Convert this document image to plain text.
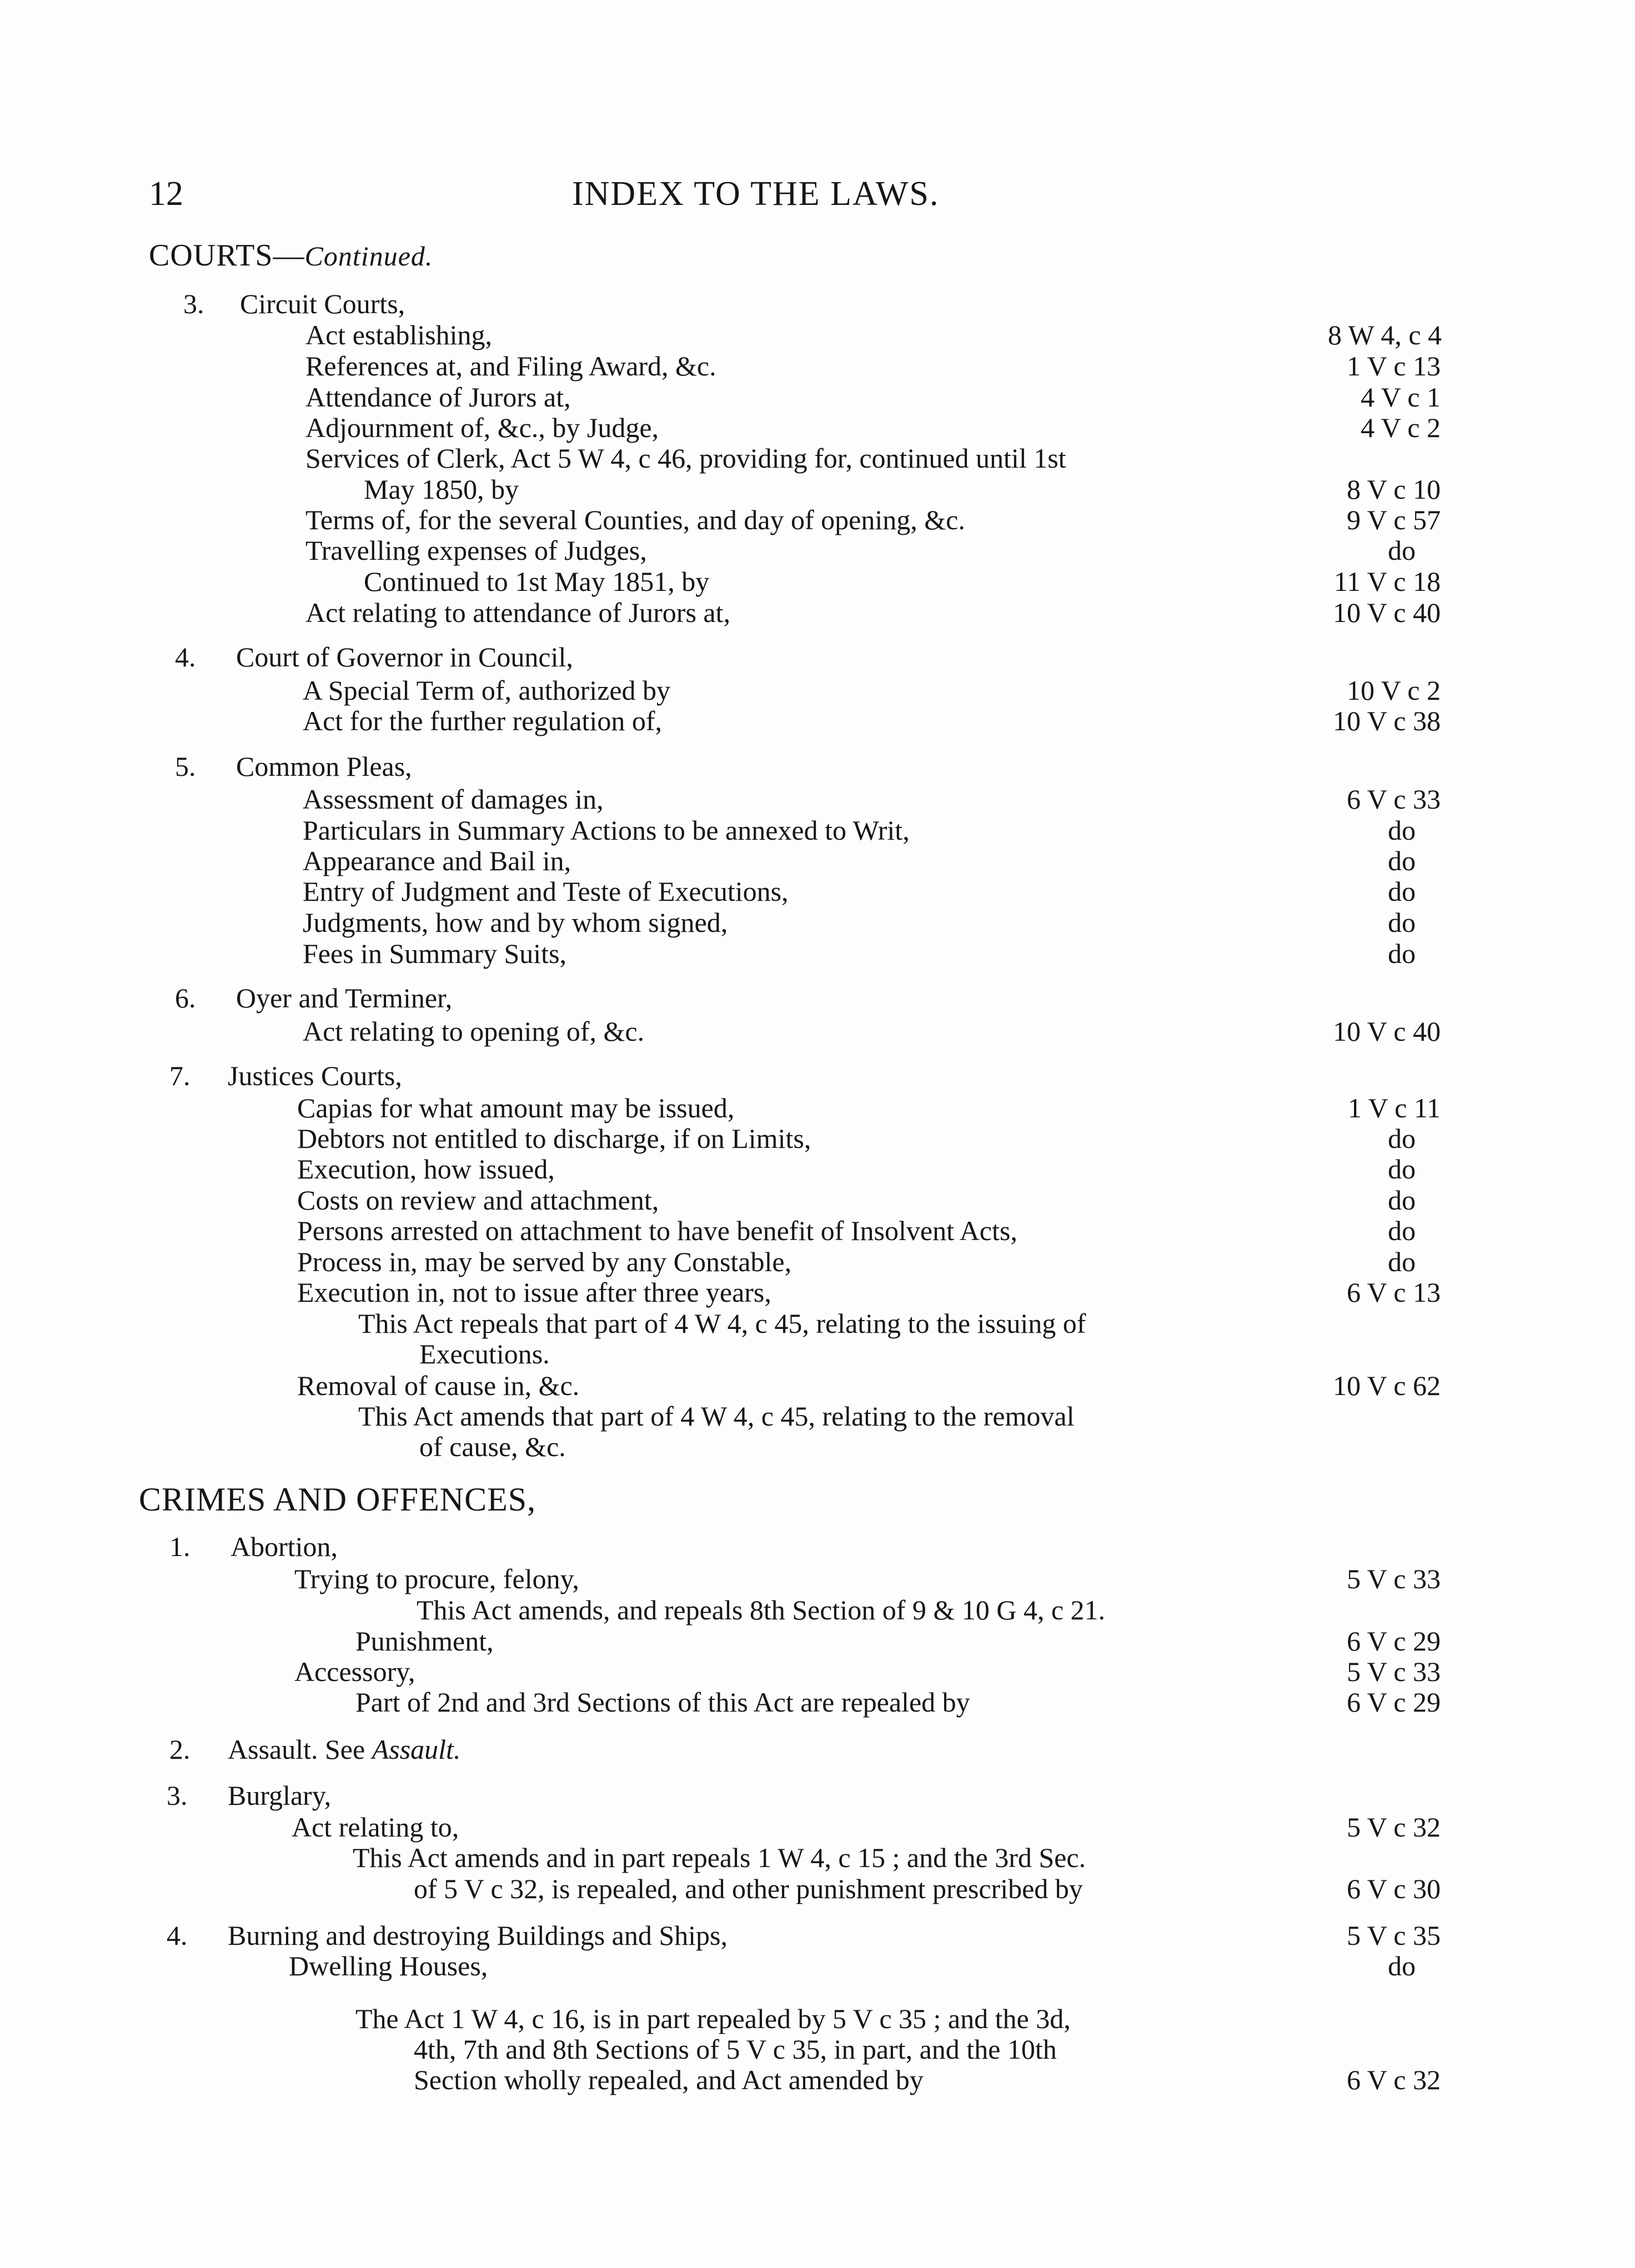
12	INDEX TO THE LAWS.
COURTS—Continued.
3. Circuit Courts,
Act establishing,	8 W 4, c 4
References at, and Filing Award, &c.	1 V c 13
Attendance of Jurors at,	4 V c 1
Adjournment of, &c., by Judge,	4 V c 2
Services of Clerk, Act 5 W 4, c 46, providing for, continued until 1st
May 1850, by	8 V c 10
Terms of, for the several Counties, and day of opening, &c.	9 V c 57
Travelling expenses of Judges,	do
Continued to 1st May 1851, by	11 V c 18
Act relating to attendance of Jurors at,	10 V c 40
4. Court of Governor in Council,
A Special Term of, authorized by	10 V c 2
Act for the further regulation of,	10 V c 38
5. Common Pleas,
Assessment of damages in,	6 V c 33
Particulars in Summary Actions to be annexed to Writ,	do
Appearance and Bail in,	do
Entry of Judgment and Teste of Executions,	do
Judgments, how and by whom signed,	do
Fees in Summary Suits,	do
6. Oyer and Terminer,
Act relating to opening of, &c.	10 V c 40
7. Justices Courts,
Capias for what amount may be issued,	1 V c 11
Debtors not entitled to discharge, if on Limits,	do
Execution, how issued,	do
Costs on review and attachment,	do
Persons arrested on attachment to have benefit of Insolvent Acts,	do
Process in, may be served by any Constable,	do
Execution in, not to issue after three years,	6 V c 13
This Act repeals that part of 4 W 4, c 45, relating to the issuing of
Executions.
Removal of cause in, &c.	10 V c 62
This Act amends that part of 4 W 4, c 45, relating to the removal
of cause, &c.
CRIMES AND OFFENCES,
1. Abortion,
Trying to procure, felony,	5 V c 33
This Act amends, and repeals 8th Section of 9 & 10 G 4, c 21.
Punishment,	6 V c 29
Accessory,	5 V c 33
Part of 2nd and 3rd Sections of this Act are repealed by	6 V c 29
2. Assault. See Assault.
3. Burglary,
Act relating to,	5 V c 32
This Act amends and in part repeals 1 W 4, c 15 ; and the 3rd Sec.
of 5 V c 32, is repealed, and other punishment prescribed by	6 V c 30
4. Burning and destroying Buildings and Ships,	5 V c 35
Dwelling Houses,	do
The Act 1 W 4, c 16, is in part repealed by 5 V c 35 ; and the 3d,
4th, 7th and 8th Sections of 5 V c 35, in part, and the 10th
Section wholly repealed, and Act amended by	6 V c 32
